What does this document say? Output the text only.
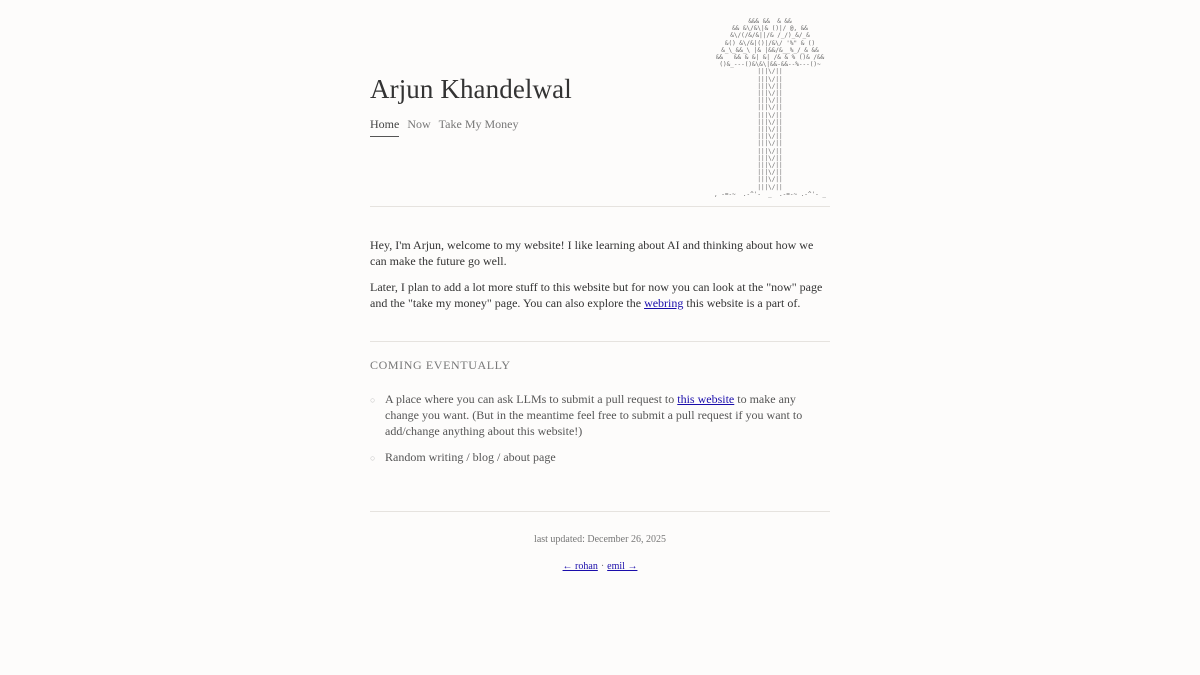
Arjun Khandelwal
Home Now Take My Money
&&& &&  & &&
&& &\/&\|& ()|/ @, &&
&\/(/&/&||/& /_/)_&/_&
&() &\/&|()|/&\/ '%" & ()
&_\_&&_\ |& |&&/&__%_/_& &&
&&   && & &| &| /& & % ()& /&&
()&_---()&\&\|&&-&&--%---()~
|||\/||
|||\/||
|||\/||
|||\/||
|||\/||
|||\/||
|||\/||
|||\/||
|||\/||
|||\/||
|||\/||
|||\/||
|||\/||
|||\/||
|||\/||
|||\/||
|||\/||
, -=-~  .-^'-  _  .-=-~ .-^'- _

Hey, I'm Arjun, welcome to my website! I like learning about AI and thinking about how we can make the future go well.

Later, I plan to add a lot more stuff to this website but for now you can look at the "now" page and the "take my money" page. You can also explore the webring this website is a part of.

COMING EVENTUALLY
○ A place where you can ask LLMs to submit a pull request to this website to make any change you want. (But in the meantime feel free to submit a pull request if you want to add/change anything about this website!)
○ Random writing / blog / about page

last updated: December 26, 2025

← rohan · emil →
